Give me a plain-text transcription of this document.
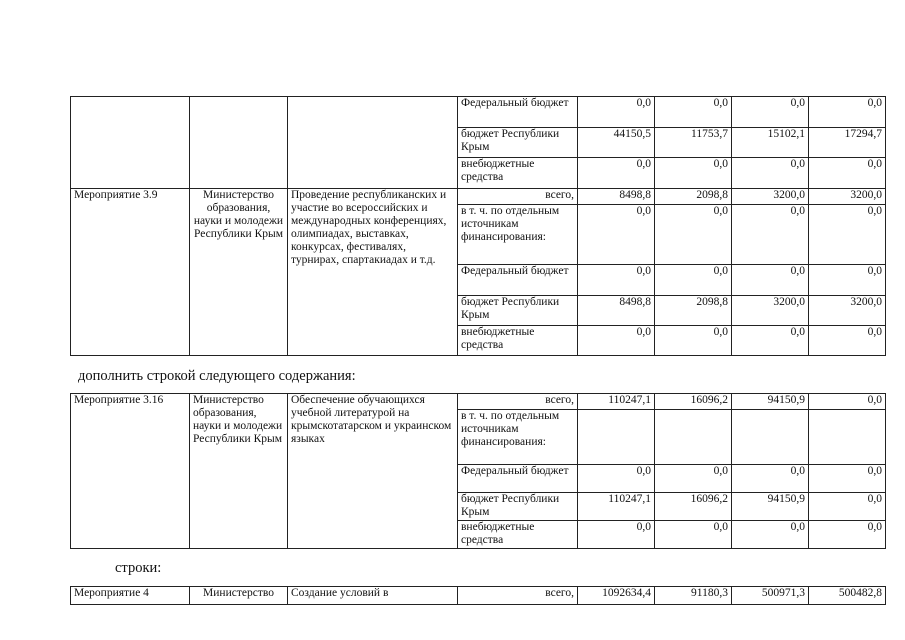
			Федеральный бюджет	0,0	0,0	0,0	0,0
			бюджет Республики Крым	44150,5	11753,7	15102,1	17294,7
			внебюджетные средства	0,0	0,0	0,0	0,0
Мероприятие 3.9	Министерство образования, науки и молодежи Республики Крым	Проведение республиканских и участие во всероссийских и международных конференциях, олимпиадах, выставках, конкурсах, фестивалях, турнирах, спартакиадах и т.д.	всего,	8498,8	2098,8	3200,0	3200,0
			в т. ч. по отдельным источникам финансирования:	0,0	0,0	0,0	0,0
			Федеральный бюджет	0,0	0,0	0,0	0,0
			бюджет Республики Крым	8498,8	2098,8	3200,0	3200,0
			внебюджетные средства	0,0	0,0	0,0	0,0
дополнить строкой следующего содержания:
Мероприятие 3.16	Министерство образования, науки и молодежи Республики Крым	Обеспечение обучающихся учебной литературой на крымскотатарском и украинском языках	всего,	110247,1	16096,2	94150,9	0,0
			в т. ч. по отдельным источникам финансирования:				
			Федеральный бюджет	0,0	0,0	0,0	0,0
			бюджет Республики Крым	110247,1	16096,2	94150,9	0,0
			внебюджетные средства	0,0	0,0	0,0	0,0
строки:
Мероприятие 4	Министерство	Создание условий в	всего,	1092634,4	91180,3	500971,3	500482,8
